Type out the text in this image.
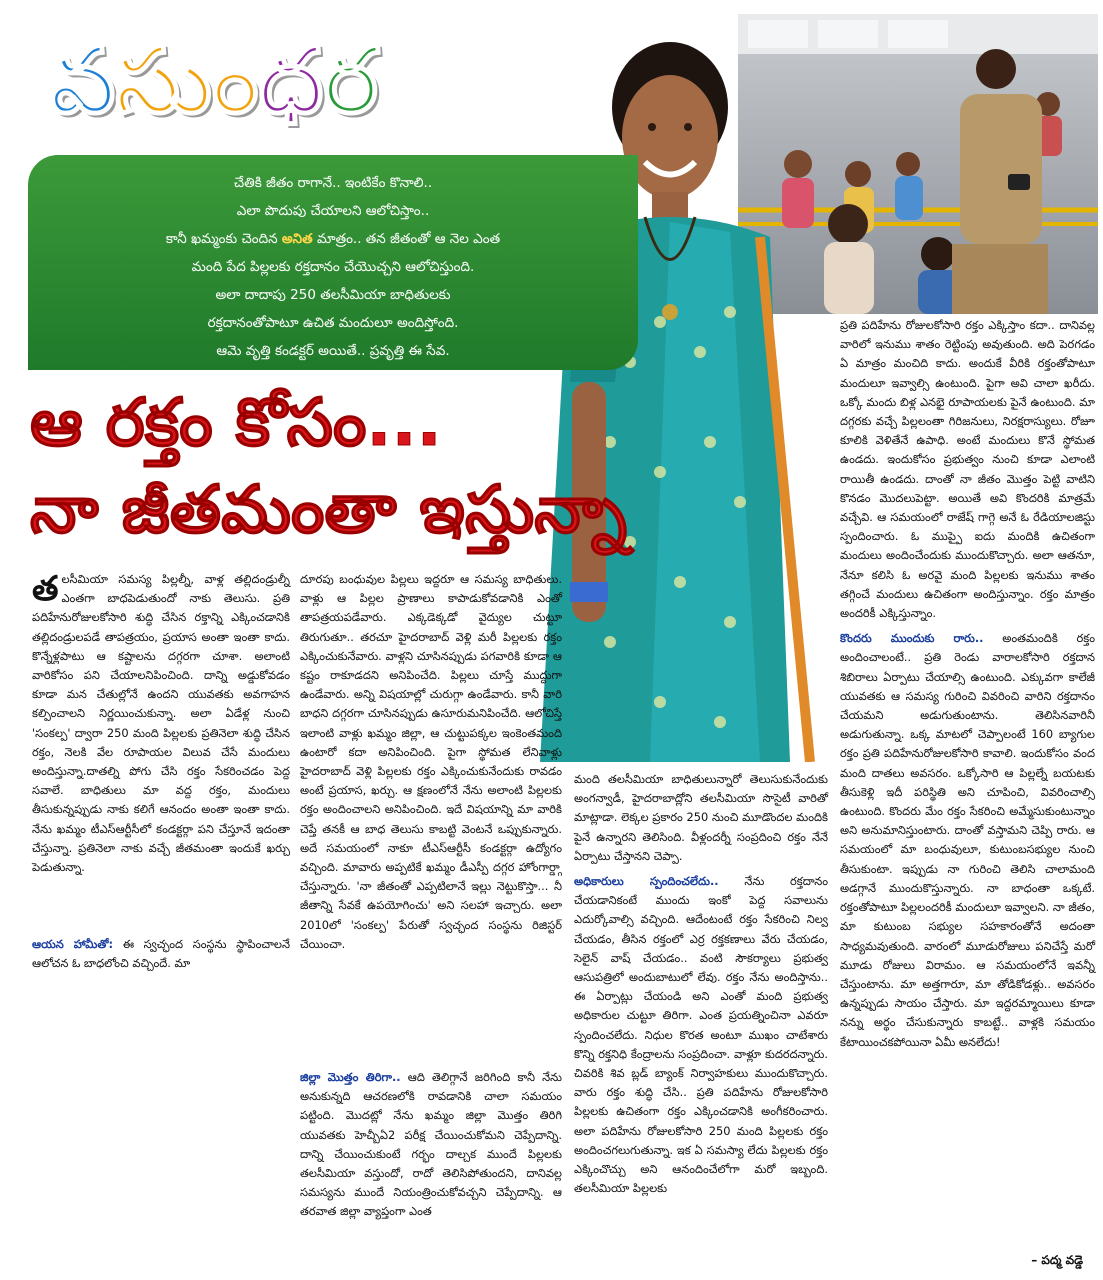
వసుంధర
చేతికి జీతం రాగానే.. ఇంటికేం కొనాలి..
ఎలా పొదుపు చేయాలని ఆలోచిస్తాం..
కానీ ఖమ్మంకు చెందిన అనిత మాత్రం.. తన జీతంతో ఆ నెల ఎంత
మంది పేద పిల్లలకు రక్తదానం చేయొచ్చని ఆలోచిస్తుంది.
అలా దాదాపు 250 తలసీమియా బాధితులకు
రక్తదానంతోపాటూ ఉచిత మందులూ అందిస్తోంది.
ఆమె వృత్తి కండక్టర్ అయితే.. ప్రవృత్తి ఈ సేవ.
ఆ రక్తం కోసం...
నా జీతమంతా ఇస్తున్నా
తలసీమియా సమస్య పిల్లల్నీ, వాళ్ల తల్లిదండ్రుల్నీ ఎంతగా బాధపెడుతుందో నాకు తెలుసు. ప్రతి పదిహేనురోజులకోసారి శుద్ధి చేసిన రక్తాన్ని ఎక్కించడానికి తల్లిదండ్రులపడే తాపత్రయం, ప్రయాస అంతా ఇంతా కాదు. కొన్నేళ్లపాటు ఆ కష్టాలను దగ్గరగా చూశా. అలాంటి వారికోసం పని చేయాలనిపించింది. దాన్ని అడ్డుకోవడం కూడా మన చేతుల్లోనే ఉందని యువతకు అవగాహన కల్పించాలని నిర్ణయించుకున్నా. అలా ఏడేళ్ల నుంచి 'సంకల్ప' ద్వారా 250 మంది పిల్లలకు ప్రతినెలా శుద్ధి చేసిన రక్తం, నెలకి వేల రూపాయల విలువ చేసే మందులు అందిస్తున్నా.దాతల్ని పోగు చేసి రక్తం సేకరించడం పెద్ద సవాలే. బాధితులు మా వద్ద రక్తం, మందులు తీసుకున్నప్పుడు నాకు కలిగే ఆనందం అంతా ఇంతా కాదు. నేను ఖమ్మం టీఎస్ఆర్టీసీలో కండక్టర్గా పని చేస్తూనే ఇదంతా చేస్తున్నా. ప్రతినెలా నాకు వచ్చే జీతమంతా ఇందుకే ఖర్చు పెడుతున్నా.
ఆయన హామీతో: ఈ స్వచ్ఛంద సంస్థను స్థాపించాలనే ఆలోచన ఓ బాధలోంచి వచ్చిందే. మా
దూరపు బంధువుల పిల్లలు ఇద్దరూ ఆ సమస్య బాధితులు. వాళ్లు ఆ పిల్లల ప్రాణాలు కాపాడుకోవడానికి ఎంతో తాపత్రయపడేవారు. ఎక్కడెక్కడో వైద్యుల చుట్టూ తిరుగుతూ.. తరచూ హైదరాబాద్ వెళ్లి మరీ పిల్లలకు రక్తం ఎక్కించుకునేవారు. వాళ్లని చూసినప్పుడు పగవారికి కూడా ఆ కష్టం రాకూడదని అనిపించేది. పిల్లలు చూస్తే ముద్దుగా ఉండేవారు. అన్ని విషయాల్లో చురుగ్గా ఉండేవారు. కానీ వారి బాధని దగ్గరగా చూసినప్పుడు ఉసూరుమనిపించేది. ఆలోచిస్తే ఇలాంటి వాళ్లు ఖమ్మం జిల్లా, ఆ చుట్టుపక్కల ఇంకెంతమంది ఉంటారో కదా అనిపించింది. పైగా స్థోమత లేనివాళ్లు హైదరాబాద్ వెళ్లి పిల్లలకు రక్తం ఎక్కించుకునేందుకు రావడం అంటే ప్రయాస, ఖర్చు. ఆ క్షణంలోనే నేను అలాంటి పిల్లలకు రక్తం అందించాలని అనిపించింది. ఇదే విషయాన్ని మా వారికి చెప్తే తనకీ ఆ బాధ తెలుసు కాబట్టి వెంటనే ఒప్పుకున్నారు. అదే సమయంలో నాకూ టీఎస్ఆర్టీసీ కండక్టర్గా ఉద్యోగం వచ్చింది. మావారు అప్పటికే ఖమ్మం డీఎస్పీ దగ్గర హోంగార్డ్గా చేస్తున్నారు. 'నా జీతంతో ఎప్పటిలానే ఇల్లు నెట్టుకొస్తా... నీ జీతాన్ని సేవకే ఉపయోగించు' అని సలహా ఇచ్చారు. అలా 2010లో 'సంకల్ప' పేరుతో స్వచ్ఛంద సంస్థను రిజిస్టర్ చేయించా.
జిల్లా మొత్తం తిరిగా.. ఆది తెలిగ్గానే జరిగింది కానీ నేను అనుకున్నది ఆచరణలోకి రావడానికి చాలా సమయం పట్టింది. మొదట్లో నేను ఖమ్మం జిల్లా మొత్తం తిరిగి యువతకు హెచ్బీఏ2 పరీక్ష చేయించుకోమని చెప్పేదాన్ని. దాన్ని చేయించుకుంటే గర్భం దాల్చక ముందే పిల్లలకు తలసీమియా వస్తుందో, రాదో తెలిసిపోతుందని, దానివల్ల సమస్యను ముందే నియంత్రించుకోవచ్చని చెప్పేదాన్ని. ఆ తరవాత జిల్లా వ్యాప్తంగా ఎంత

మంది తలసీమియా బాధితులున్నారో తెలుసుకునేందుకు అంగన్వాడీ, హైదరాబాద్లోని తలసీమియా సొసైటీ వారితో మాట్లాడా. లెక్కల ప్రకారం 250 నుంచి మూడొందల మందికి పైనే ఉన్నారని తెలిసింది. వీళ్లందర్నీ సంప్రదించి రక్తం నేనే ఏర్పాటు చేస్తానని చెప్పా.

అధికారులు స్పందించలేదు.. నేను రక్తదానం చేయడానికంటే ముందు ఇంకో పెద్ద సవాలును ఎదుర్కోవాల్సి వచ్చింది. ఆదేంటంటే రక్తం సేకరించి నిల్వ చేయడం, తీసిన రక్తంలో ఎర్ర రక్తకణాలు వేరు చేయడం, సెలైన్ వాష్ చేయడం.. వంటి సౌకర్యాలు ప్రభుత్వ ఆసుపత్రిలో అందుబాటులో లేవు. రక్తం నేను అందిస్తాను.. ఈ ఏర్పాట్లు చేయండి అని ఎంతో మంది ప్రభుత్వ అధికారుల చుట్టూ తిరిగా. ఎంత ప్రయత్నించినా ఎవరూ స్పందించలేదు. నిధుల కొరత అంటూ ముఖం చాటేశారు కొన్ని రక్తనిధి కేంద్రాలను సంప్రదించా. వాళ్లూ కుదరదన్నారు. చివరికి శివ బ్లడ్ బ్యాంక్ నిర్వాహకులు ముందుకొచ్చారు. వారు రక్తం శుద్ధి చేసి.. ప్రతి పదిహేను రోజులకోసారి పిల్లలకు ఉచితంగా రక్తం ఎక్కించడానికి అంగీకరించారు. అలా పదిహేను రోజులకోసారి 250 మంది పిల్లలకు రక్తం అందించగలుగుతున్నా. ఇక ఏ సమస్యా లేదు పిల్లలకు రక్తం ఎక్కించొచ్చు అని ఆనందించేలోగా మరో ఇబ్బంది. తలసీమియా పిల్లలకు

ప్రతి పదిహేను రోజులకోసారి రక్తం ఎక్కిస్తాం కదా.. దానివల్ల వారిలో ఇనుము శాతం రెట్టింపు అవుతుంది. అది పెరగడం ఏ మాత్రం మంచిది కాదు. అందుకే వీరికి రక్తంతోపాటూ మందులూ ఇవ్వాల్సి ఉంటుంది. పైగా అవి చాలా ఖరీదు. ఒక్కో మందు బిళ్ల ఎనభై రూపాయలకు పైనే ఉంటుంది. మా దగ్గరకు వచ్చే పిల్లలంతా గిరిజనులు, నిరక్షరాస్యులు. రోజూ కూలికి వెళితేనే ఉపాధి. అంటే మందులు కొనే స్థోమత ఉండదు. ఇందుకోసం ప్రభుత్వం నుంచి కూడా ఎలాంటి రాయితీ ఉండదు. దాంతో నా జీతం మొత్తం పెట్టి వాటిని కొనడం మొదలుపెట్టా. అయితే అవి కొందరికి మాత్రమే వచ్చేవి. ఆ సమయంలో రాజేష్ గాగ్గె అనే ఓ రేడియాలజిస్టు స్పందించారు. ఓ ముప్పై ఐదు మందికి ఉచితంగా మందులు అందించేందుకు ముందుకొచ్చారు. అలా ఆతనూ, నేనూ కలిసి ఓ అరవై మంది పిల్లలకు ఇనుము శాతం తగ్గించే మందులు ఉచితంగా అందిస్తున్నాం. రక్తం మాత్రం అందరికీ ఎక్కిస్తున్నాం.

కొందరు ముందుకు రారు.. అంతమందికి రక్తం అందించాలంటే.. ప్రతి రెండు వారాలకోసారి రక్తదాన శిబిరాలు ఏర్పాటు చేయాల్సి ఉంటుంది. ఎక్కువగా కాలేజీ యువతకు ఆ సమస్య గురించి వివరించి వారిని రక్తదానం చేయమని అడుగుతుంటాను. తెలిసినవారినీ అడుగుతున్నా. ఒక్క మాటలో చెప్పాలంటే 160 బ్యాగుల రక్తం ప్రతి పదిహేనురోజులకోసారి కావాలి. ఇందుకోసం వంద మంది దాతలు అవసరం. ఒక్కోసారి ఆ పిల్లల్నే బయటకు తీసుకెళ్లి ఇదీ పరిస్థితి అని చూపించి, వివరించాల్సి ఉంటుంది. కొందరు మేం రక్తం సేకరించి అమ్మేసుకుంటున్నాం అని అనుమానిస్తుంటారు. దాంతో వస్తామని చెప్పి రారు. ఆ సమయంలో మా బంధువులూ, కుటుంబసభ్యుల నుంచి తీసుకుంటా. ఇప్పుడు నా గురించి తెలిసి చాలామంది అడగ్గానే ముందుకొస్తున్నారు. నా బాధంతా ఒక్కటే. రక్తంతోపాటూ పిల్లలందరికీ మందులూ ఇవ్వాలని. నా జీతం, మా కుటుంబ సభ్యుల సహకారంతోనే అదంతా సాధ్యమవుతుంది. వారంలో మూడురోజులు పనిచేస్తే మరో మూడు రోజులు విరామం. ఆ సమయంలోనే ఇవన్నీ చేస్తుంటాను. మా అత్తగారూ, మా తోడికోడళ్లు.. అవసరం ఉన్నప్పుడు సాయం చేస్తారు. మా ఇద్దరమ్మాయిలు కూడా నన్ను అర్థం చేసుకున్నారు కాబట్టే.. వాళ్లకి సమయం కేటాయించకపోయినా ఏమీ అనలేదు!

– పద్మ వడ్డె
